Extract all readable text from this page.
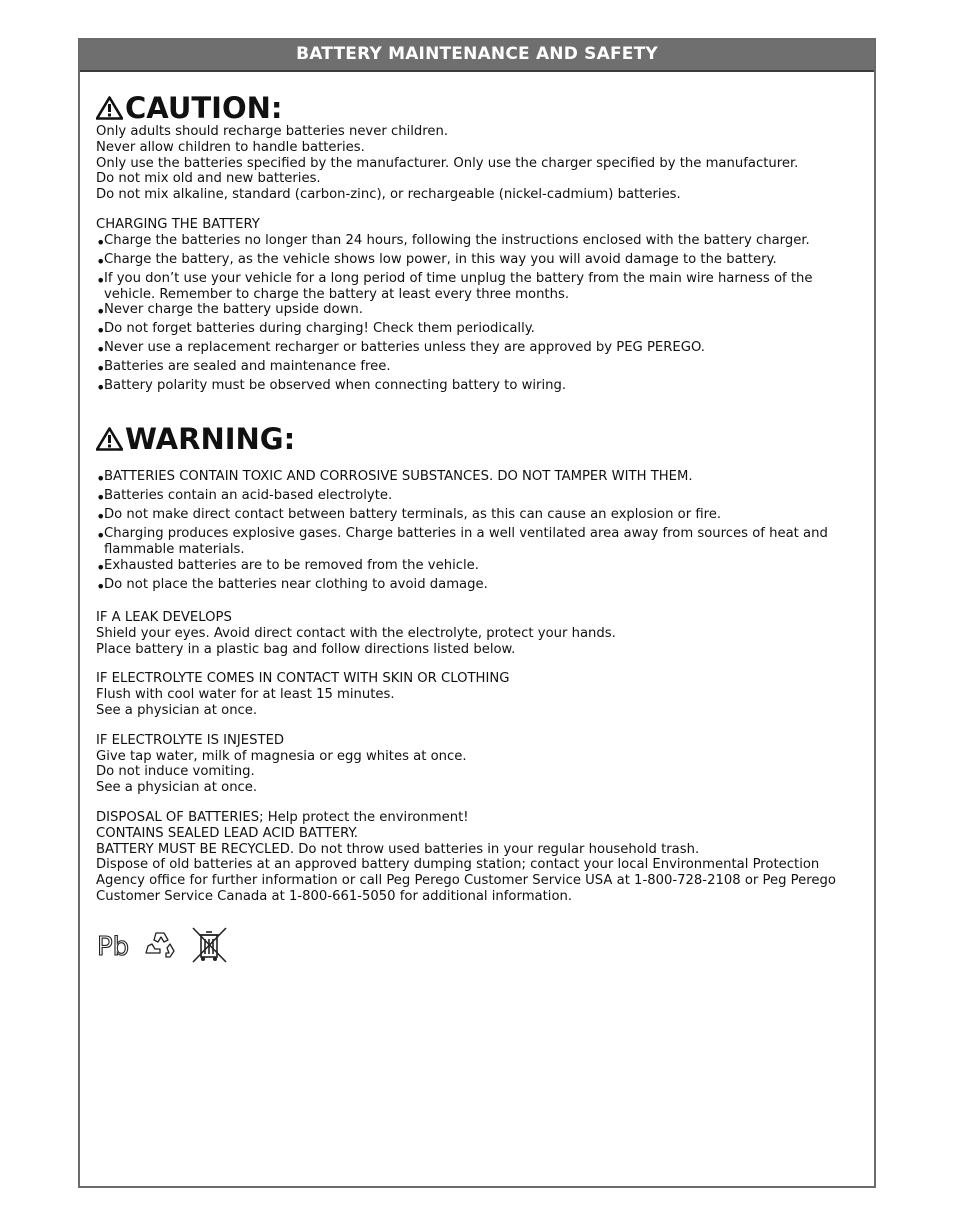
BATTERY MAINTENANCE AND SAFETY
CAUTION:
Only adults should recharge batteries never children.
Never allow children to handle batteries.
Only use the batteries specified by the manufacturer. Only use the charger specified by the manufacturer.
Do not mix old and new batteries.
Do not mix alkaline, standard (carbon-zinc), or rechargeable (nickel-cadmium) batteries.
CHARGING THE BATTERY
•
Charge the batteries no longer than 24 hours, following the instructions enclosed with the battery charger.
•
Charge the battery, as the vehicle shows low power, in this way you will avoid damage to the battery.
•
If you don’t use your vehicle for a long period of time unplug the battery from the main wire harness of the vehicle. Remember to charge the battery at least every three months.
•
Never charge the battery upside down.
•
Do not forget batteries during charging! Check them periodically.
•
Never use a replacement recharger or batteries unless they are approved by PEG PEREGO.
•
Batteries are sealed and maintenance free.
•
Battery polarity must be observed when connecting battery to wiring.
WARNING:
•
BATTERIES CONTAIN TOXIC AND CORROSIVE SUBSTANCES. DO NOT TAMPER WITH THEM.
•
Batteries contain an acid-based electrolyte.
•
Do not make direct contact between battery terminals, as this can cause an explosion or fire.
•
Charging produces explosive gases. Charge batteries in a well ventilated area away from sources of heat and flammable materials.
•
Exhausted batteries are to be removed from the vehicle.
•
Do not place the batteries near clothing to avoid damage.
IF A LEAK DEVELOPS
Shield your eyes. Avoid direct contact with the electrolyte, protect your hands.
Place battery in a plastic bag and follow directions listed below.
IF ELECTROLYTE COMES IN CONTACT WITH SKIN OR CLOTHING
Flush with cool water for at least 15 minutes.
See a physician at once.
IF ELECTROLYTE IS INJESTED
Give tap water, milk of magnesia or egg whites at once.
Do not induce vomiting.
See a physician at once.
DISPOSAL OF BATTERIES; Help protect the environment!
CONTAINS SEALED LEAD ACID BATTERY.
BATTERY MUST BE RECYCLED. Do not throw used batteries in your regular household trash.
Dispose of old batteries at an approved battery dumping station; contact your local Environmental Protection Agency office for further information or call Peg Perego Customer Service USA at 1-800-728-2108 or Peg Perego Customer Service Canada at 1-800-661-5050 for additional information.
Pb
